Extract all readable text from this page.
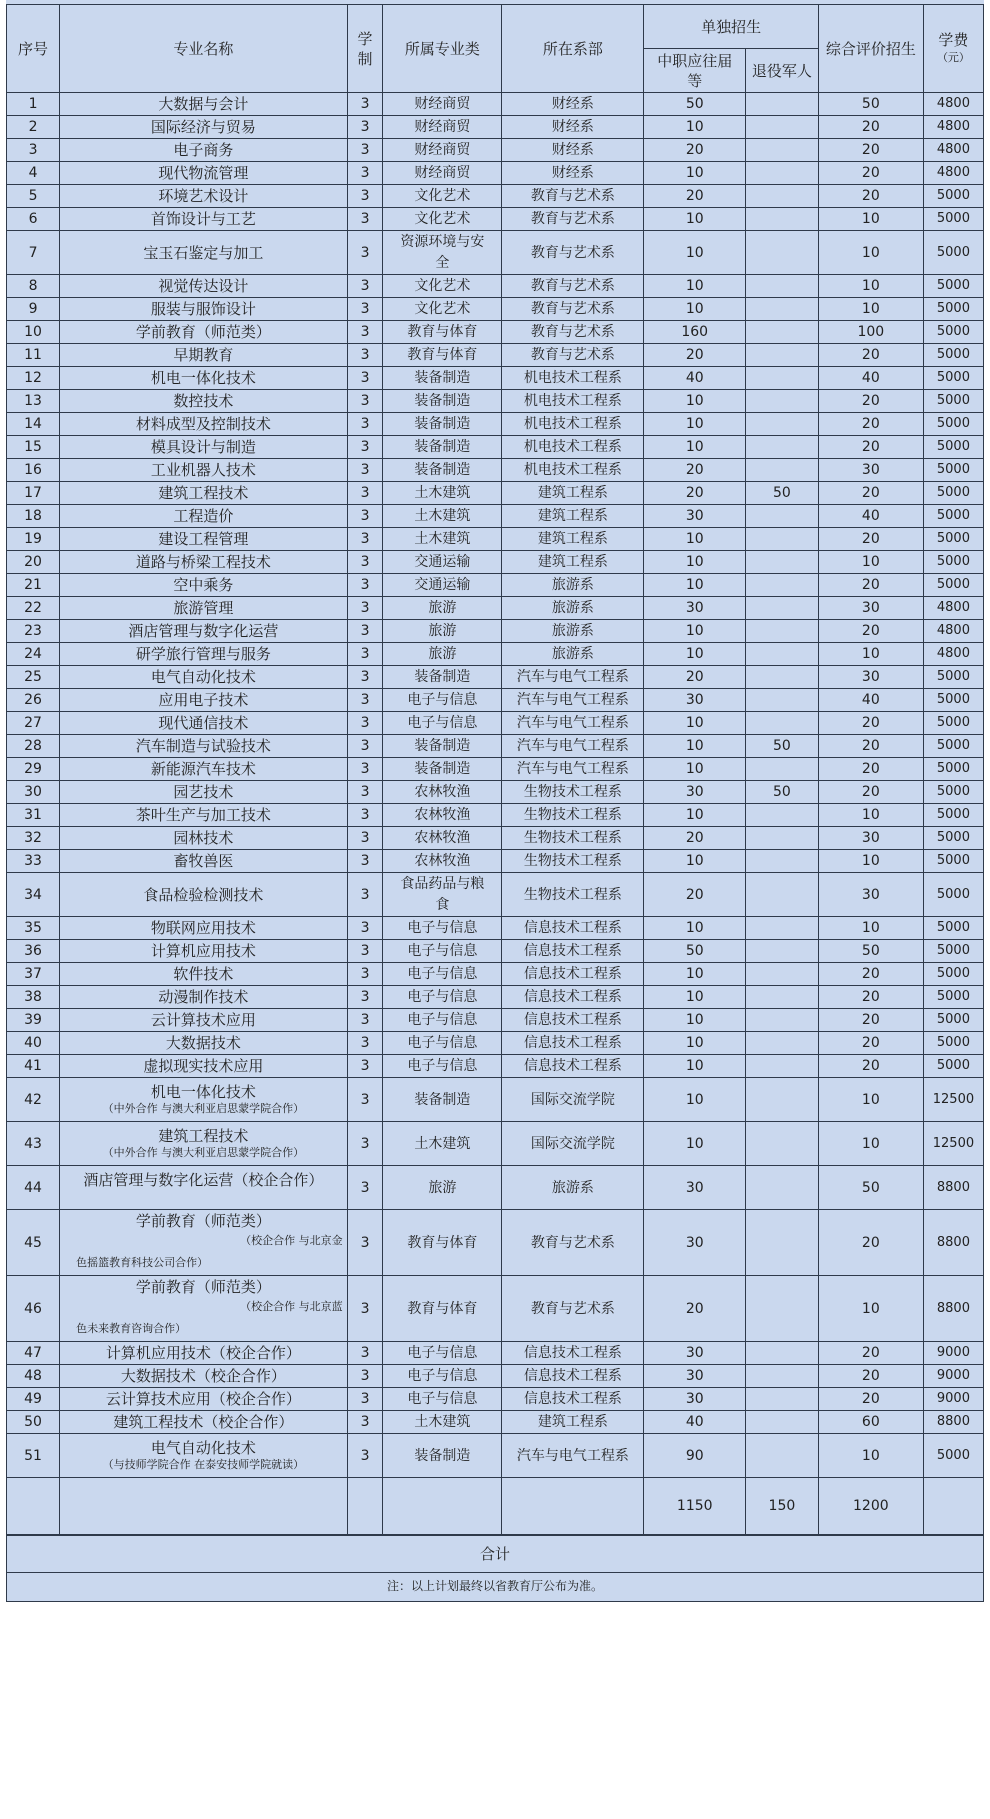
序号	专业名称	学制	所属专业类	所在系部	单独招生		综合评价招生	学费
（元）

					中职应往届等	退役军人		
1	大数据与会计	3	财经商贸	财经系	50		50	4800
2	国际经济与贸易	3	财经商贸	财经系	10		20	4800
3	电子商务	3	财经商贸	财经系	20		20	4800
4	现代物流管理	3	财经商贸	财经系	10		20	4800
5	环境艺术设计	3	文化艺术	教育与艺术系	20		20	5000
6	首饰设计与工艺	3	文化艺术	教育与艺术系	10		10	5000
7	宝玉石鉴定与加工	3	资源环境与安全	教育与艺术系	10		10	5000
8	视觉传达设计	3	文化艺术	教育与艺术系	10		10	5000
9	服装与服饰设计	3	文化艺术	教育与艺术系	10		10	5000
10	学前教育（师范类）	3	教育与体育	教育与艺术系	160		100	5000
11	早期教育	3	教育与体育	教育与艺术系	20		20	5000
12	机电一体化技术	3	装备制造	机电技术工程系	40		40	5000
13	数控技术	3	装备制造	机电技术工程系	10		20	5000
14	材料成型及控制技术	3	装备制造	机电技术工程系	10		20	5000
15	模具设计与制造	3	装备制造	机电技术工程系	10		20	5000
16	工业机器人技术	3	装备制造	机电技术工程系	20		30	5000
17	建筑工程技术	3	土木建筑	建筑工程系	20	50	20	5000
18	工程造价	3	土木建筑	建筑工程系	30		40	5000
19	建设工程管理	3	土木建筑	建筑工程系	10		20	5000
20	道路与桥梁工程技术	3	交通运输	建筑工程系	10		10	5000
21	空中乘务	3	交通运输	旅游系	10		20	5000
22	旅游管理	3	旅游	旅游系	30		30	4800
23	酒店管理与数字化运营	3	旅游	旅游系	10		20	4800
24	研学旅行管理与服务	3	旅游	旅游系	10		10	4800
25	电气自动化技术	3	装备制造	汽车与电气工程系	20		30	5000
26	应用电子技术	3	电子与信息	汽车与电气工程系	30		40	5000
27	现代通信技术	3	电子与信息	汽车与电气工程系	10		20	5000
28	汽车制造与试验技术	3	装备制造	汽车与电气工程系	10	50	20	5000
29	新能源汽车技术	3	装备制造	汽车与电气工程系	10		20	5000
30	园艺技术	3	农林牧渔	生物技术工程系	30	50	20	5000
31	茶叶生产与加工技术	3	农林牧渔	生物技术工程系	10		10	5000
32	园林技术	3	农林牧渔	生物技术工程系	20		30	5000
33	畜牧兽医	3	农林牧渔	生物技术工程系	10		10	5000
34	食品检验检测技术	3	食品药品与粮食	生物技术工程系	20		30	5000
35	物联网应用技术	3	电子与信息	信息技术工程系	10		10	5000
36	计算机应用技术	3	电子与信息	信息技术工程系	50		50	5000
37	软件技术	3	电子与信息	信息技术工程系	10		20	5000
38	动漫制作技术	3	电子与信息	信息技术工程系	10		20	5000
39	云计算技术应用	3	电子与信息	信息技术工程系	10		20	5000
40	大数据技术	3	电子与信息	信息技术工程系	10		20	5000
41	虚拟现实技术应用	3	电子与信息	信息技术工程系	10		20	5000
42	机电一体化技术
（中外合作 与澳大利亚启思蒙学院合作）	3	装备制造	国际交流学院	10		10	12500
43	建筑工程技术
（中外合作 与澳大利亚启思蒙学院合作）	3	土木建筑	国际交流学院	10		10	12500
44	酒店管理与数字化运营（校企合作）	3	旅游	旅游系	30		50	8800
45	学前教育（师范类）
（校企合作 与北京金
色摇篮教育科技公司合作）	3	教育与体育	教育与艺术系	30		20	8800
46	学前教育（师范类）
（校企合作 与北京蓝
色未来教育咨询合作）	3	教育与体育	教育与艺术系	20		10	8800
47	计算机应用技术（校企合作）	3	电子与信息	信息技术工程系	30		20	9000
48	大数据技术（校企合作）	3	电子与信息	信息技术工程系	30		20	9000
49	云计算技术应用（校企合作）	3	电子与信息	信息技术工程系	30		20	9000
50	建筑工程技术（校企合作）	3	土木建筑	建筑工程系	40		60	8800
51	电气自动化技术
（与技师学院合作 在泰安技师学院就读）	3	装备制造	汽车与电气工程系	90		10	5000
					1150	150	1200	
合计
注：以上计划最终以省教育厅公布为准。
